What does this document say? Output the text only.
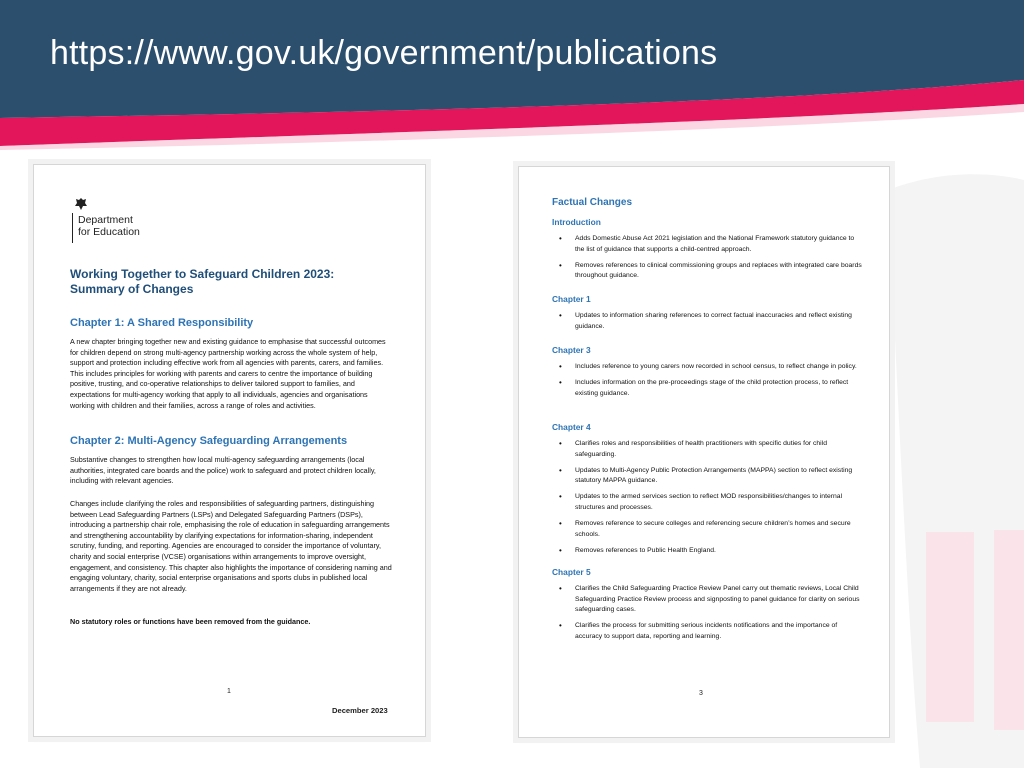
https://www.gov.uk/government/publications
Department
for Education
Working Together to Safeguard Children 2023:
Summary of Changes
Chapter 1: A Shared Responsibility
A new chapter bringing together new and existing guidance to emphasise that successful outcomes for children depend on strong multi-agency partnership working across the whole system of help, support and protection including effective work from all agencies with parents, carers, and families. This includes principles for working with parents and carers to centre the importance of building positive, trusting, and co-operative relationships to deliver tailored support to families, and expectations for multi-agency working that apply to all individuals, agencies and organisations working with children and their families, across a range of roles and activities.
Chapter 2: Multi-Agency Safeguarding Arrangements
Substantive changes to strengthen how local multi-agency safeguarding arrangements (local authorities, integrated care boards and the police) work to safeguard and protect children locally, including with relevant agencies.
Changes include clarifying the roles and responsibilities of safeguarding partners, distinguishing between Lead Safeguarding Partners (LSPs) and Delegated Safeguarding Partners (DSPs), introducing a partnership chair role, emphasising the role of education in safeguarding arrangements and strengthening accountability by clarifying expectations for information-sharing, independent scrutiny, funding, and reporting. Agencies are encouraged to consider the importance of voluntary, charity and social enterprise (VCSE) organisations within arrangements to improve oversight, engagement, and consistency. This chapter also highlights the importance of considering naming and engaging voluntary, charity, social enterprise organisations and sports clubs in published local arrangements if they are not already.
No statutory roles or functions have been removed from the guidance.
1
December 2023
Factual Changes
Introduction
• Adds Domestic Abuse Act 2021 legislation and the National Framework statutory guidance to the list of guidance that supports a child-centred approach.
• Removes references to clinical commissioning groups and replaces with integrated care boards throughout guidance.
Chapter 1
• Updates to information sharing references to correct factual inaccuracies and reflect existing guidance.
Chapter 3
• Includes reference to young carers now recorded in school census, to reflect change in policy.
• Includes information on the pre-proceedings stage of the child protection process, to reflect existing guidance.
Chapter 4
• Clarifies roles and responsibilities of health practitioners with specific duties for child safeguarding.
• Updates to Multi-Agency Public Protection Arrangements (MAPPA) section to reflect existing statutory MAPPA guidance.
• Updates to the armed services section to reflect MOD responsibilities/changes to internal structures and processes.
• Removes reference to secure colleges and referencing secure children’s homes and secure schools.
• Removes references to Public Health England.
Chapter 5
• Clarifies the Child Safeguarding Practice Review Panel carry out thematic reviews, Local Child Safeguarding Practice Review process and signposting to panel guidance for clarity on serious safeguarding cases.
• Clarifies the process for submitting serious incidents notifications and the importance of accuracy to support data, reporting and learning.
3
